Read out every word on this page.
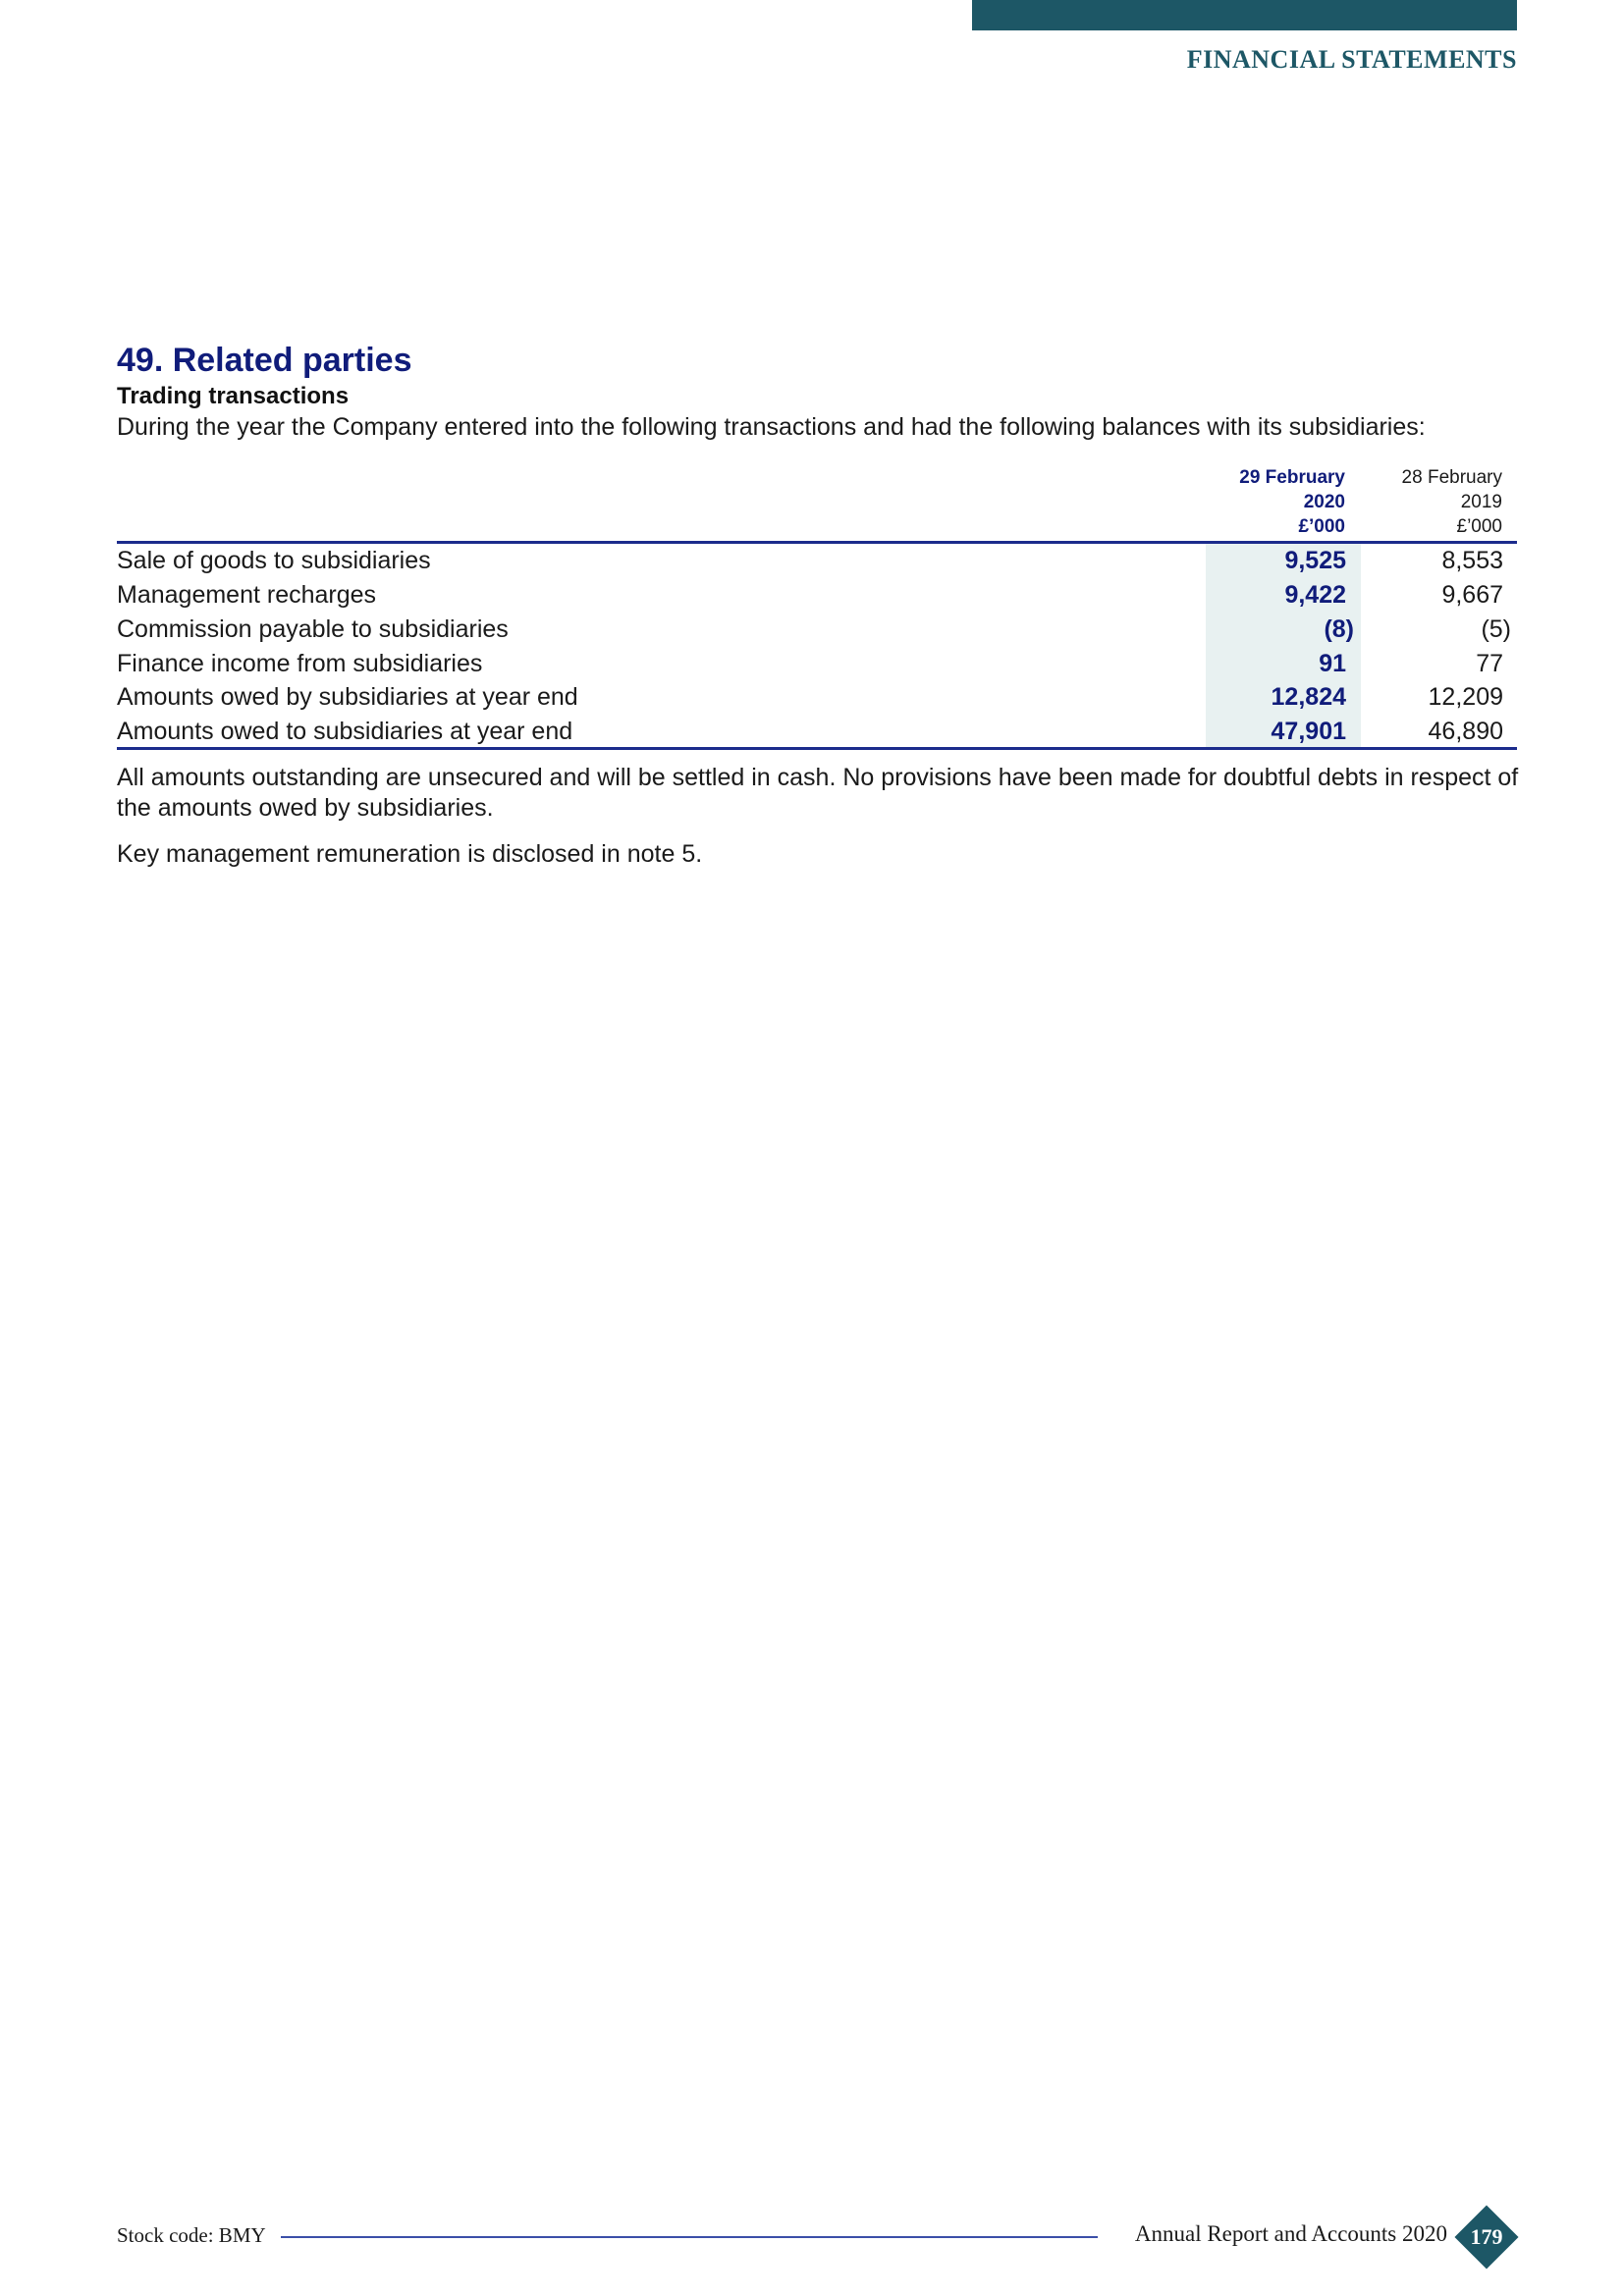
FINANCIAL STATEMENTS
49. Related parties
Trading transactions
During the year the Company entered into the following transactions and had the following balances with its subsidiaries:
29 February
2020
£’000
28 February
2019
£’000
Sale of goods to subsidiaries	9,525	8,553
Management recharges	9,422	9,667
Commission payable to subsidiaries	(8)	(5)
Finance income from subsidiaries	91	77
Amounts owed by subsidiaries at year end	12,824	12,209
Amounts owed to subsidiaries at year end	47,901	46,890
All amounts outstanding are unsecured and will be settled in cash. No provisions have been made for doubtful debts in respect of the amounts owed by subsidiaries.
Key management remuneration is disclosed in note 5.
Stock code: BMY	Annual Report and Accounts 2020	179
